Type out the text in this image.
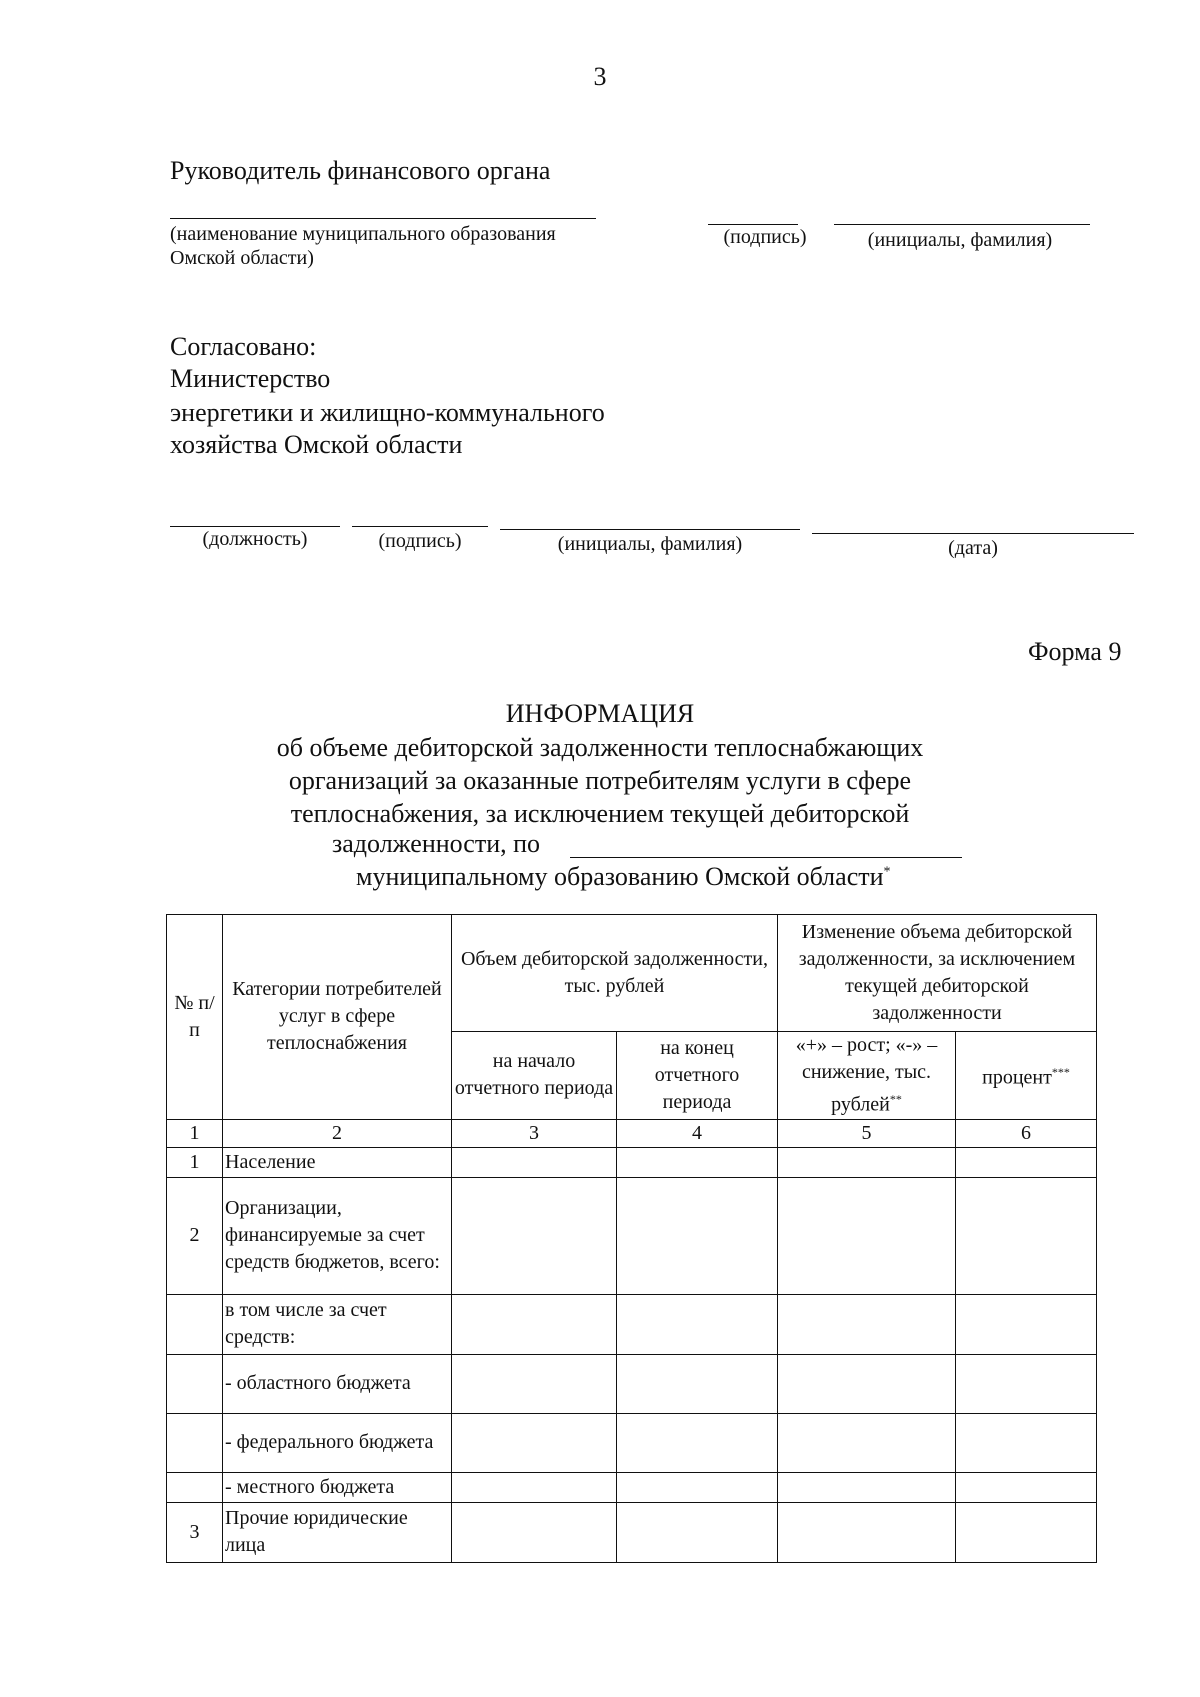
3
Руководитель финансового органа
(наименование муниципального образования Омской области)
(подпись)	(инициалы, фамилия)
Согласовано:
Министерство
энергетики и жилищно-коммунального
хозяйства Омской области
(должность)	(подпись)	(инициалы, фамилия)	(дата)
Форма 9
ИНФОРМАЦИЯ
об объеме дебиторской задолженности теплоснабжающих
организаций за оказанные потребителям услуги в сфере
теплоснабжения, за исключением текущей дебиторской
задолженности, по
муниципальному образованию Омской области*
№ п/п	Категории потребителей услуг в сфере теплоснабжения	Объем дебиторской задолженности, тыс. рублей		Изменение объема дебиторской задолженности, за исключением текущей дебиторской задолженности	
		на начало отчетного периода	на конец отчетного периода	«+» – рост; «-» – снижение, тыс. рублей**	процент***
1	2	3	4	5	6
1	Население				
2	Организации, финансируемые за счет средств бюджетов, всего:				
	в том числе за счет средств:				
	- областного бюджета				
	- федерального бюджета				
	- местного бюджета				
3	Прочие юридические лица				
